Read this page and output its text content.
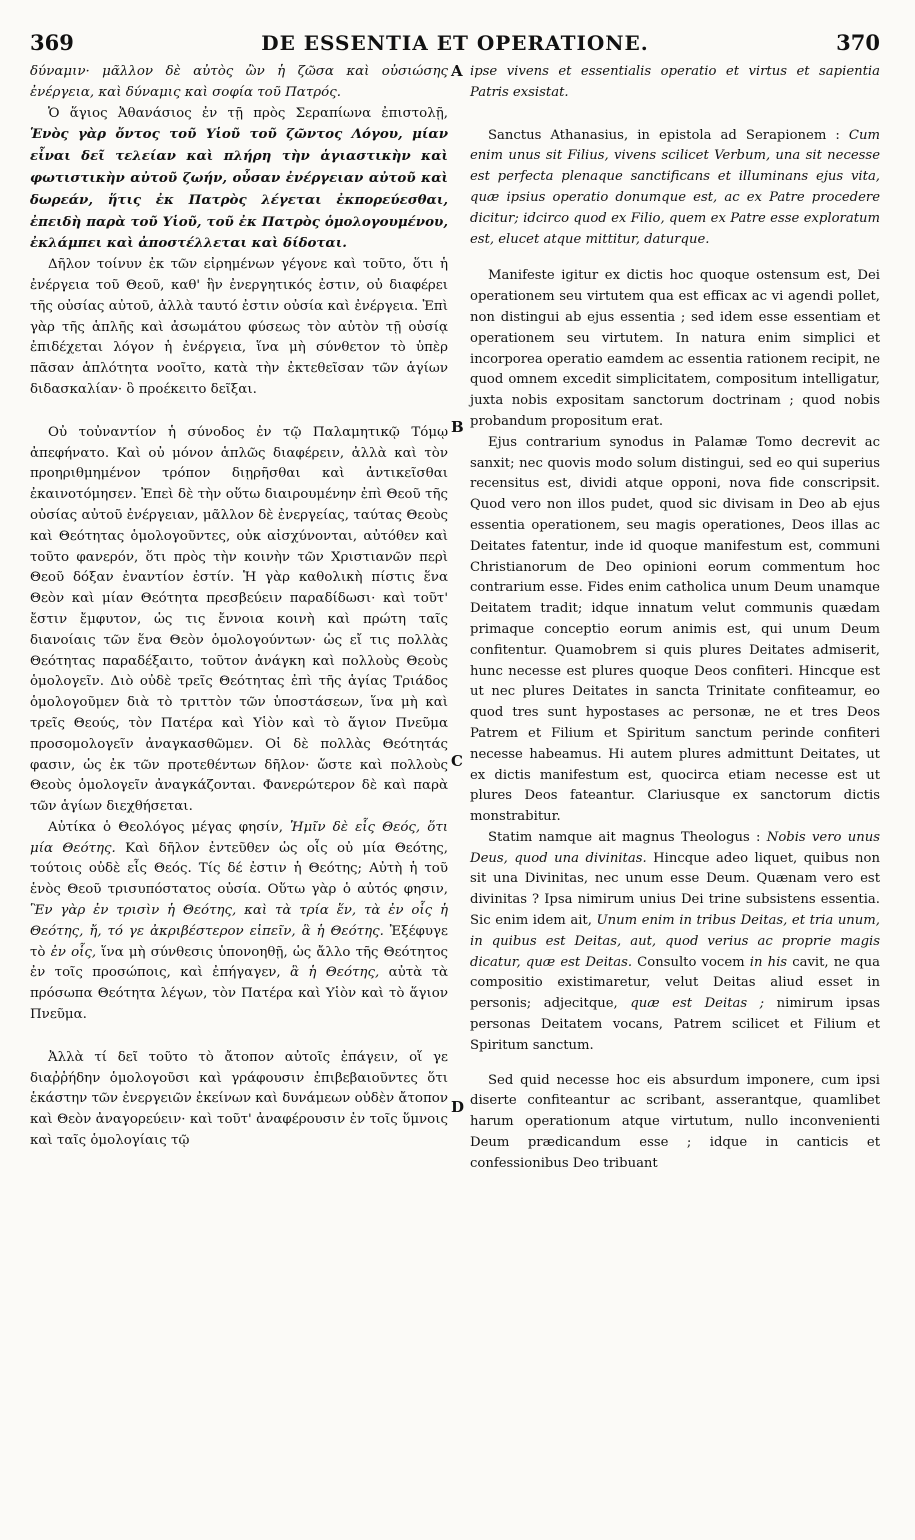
369	DE ESSENTIA ET OPERATIONE.	370
A
B
C
D

δύναμιν· μᾶλλον δὲ αὐτὸς ὢν ἡ ζῶσα καὶ οὐσιώσης ἐνέργεια, καὶ δύναμις καὶ σοφία τοῦ Πατρός.

Ὁ ἅγιος Ἀθανάσιος ἐν τῇ πρὸς Σεραπίωνα ἐπιστολῇ, Ἑνὸς γὰρ ὄντος τοῦ Υἱοῦ τοῦ ζῶντος Λόγου, μίαν εἶναι δεῖ τελείαν καὶ πλήρη τὴν ἁγιαστικὴν καὶ φωτιστικὴν αὐτοῦ ζωήν, οὖσαν ἐνέργειαν αὐτοῦ καὶ δωρεάν, ἥτις ἐκ Πατρὸς λέγεται ἐκπορεύεσθαι, ἐπειδὴ παρὰ τοῦ Υἱοῦ, τοῦ ἐκ Πατρὸς ὁμολογουμένου, ἐκλάμπει καὶ ἀποστέλλεται καὶ δίδοται.

Δῆλον τοίνυν ἐκ τῶν εἰρημένων γέγονε καὶ τοῦτο, ὅτι ἡ ἐνέργεια τοῦ Θεοῦ, καθ' ἣν ἐνεργητικός ἐστιν, οὐ διαφέρει τῆς οὐσίας αὐτοῦ, ἀλλὰ ταυτό ἐστιν οὐσία καὶ ἐνέργεια. Ἐπὶ γὰρ τῆς ἁπλῆς καὶ ἀσωμάτου φύσεως τὸν αὐτὸν τῇ οὐσίᾳ ἐπιδέχεται λόγον ἡ ἐνέργεια, ἵνα μὴ σύνθετον τὸ ὑπὲρ πᾶσαν ἁπλότητα νοοῖτο, κατὰ τὴν ἐκτεθεῖσαν τῶν ἁγίων διδασκαλίαν· ὃ προέκειτο δεῖξαι.

Οὐ τοὐναντίον ἡ σύνοδος ἐν τῷ Παλαμητικῷ Τόμῳ ἀπεφήνατο. Καὶ οὐ μόνον ἁπλῶς διαφέρειν, ἀλλὰ καὶ τὸν προηριθμημένον τρόπον διῃρῆσθαι καὶ ἀντικεῖσθαι ἐκαινοτόμησεν. Ἐπεὶ δὲ τὴν οὕτω διαιρουμένην ἐπὶ Θεοῦ τῆς οὐσίας αὐτοῦ ἐνέργειαν, μᾶλλον δὲ ἐνεργείας, ταύτας Θεοὺς καὶ Θεότητας ὁμολογοῦντες, οὐκ αἰσχύνονται, αὐτόθεν καὶ τοῦτο φανερόν, ὅτι πρὸς τὴν κοινὴν τῶν Χριστιανῶν περὶ Θεοῦ δόξαν ἐναντίον ἐστίν. Ἡ γὰρ καθολικὴ πίστις ἕνα Θεὸν καὶ μίαν Θεότητα πρεσβεύειν παραδίδωσι· καὶ τοῦτ' ἔστιν ἔμφυτον, ὡς τις ἔννοια κοινὴ καὶ πρώτη ταῖς διανοίαις τῶν ἕνα Θεὸν ὁμολογούντων· ὡς εἴ τις πολλὰς Θεότητας παραδέξαιτο, τοῦτον ἀνάγκη καὶ πολλοὺς Θεοὺς ὁμολογεῖν. Διὸ οὐδὲ τρεῖς Θεότητας ἐπὶ τῆς ἁγίας Τριάδος ὁμολογοῦμεν διὰ τὸ τριττὸν τῶν ὑποστάσεων, ἵνα μὴ καὶ τρεῖς Θεούς, τὸν Πατέρα καὶ Υἱὸν καὶ τὸ ἅγιον Πνεῦμα προσομολογεῖν ἀναγκασθῶμεν. Οἱ δὲ πολλὰς Θεότητάς φασιν, ὡς ἐκ τῶν προτεθέντων δῆλον· ὥστε καὶ πολλοὺς Θεοὺς ὁμολογεῖν ἀναγκάζονται. Φανερώτερον δὲ καὶ παρὰ τῶν ἁγίων διεχθήσεται.

Αὐτίκα ὁ Θεολόγος μέγας φησίν, Ἡμῖν δὲ εἷς Θεός, ὅτι μία Θεότης. Καὶ δῆλον ἐντεῦθεν ὡς οἷς οὐ μία Θεότης, τούτοις οὐδὲ εἷς Θεός. Τίς δέ ἐστιν ἡ Θεότης; Αὐτὴ ἡ τοῦ ἑνὸς Θεοῦ τρισυπόστατος οὐσία. Οὕτω γὰρ ὁ αὐτός φησιν, Ἓν γὰρ ἐν τρισὶν ἡ Θεότης, καὶ τὰ τρία ἕν, τὰ ἐν οἷς ἡ Θεότης, ἤ, τό γε ἀκριβέστερον εἰπεῖν, ἃ ἡ Θεότης. Ἐξέφυγε τὸ ἐν οἷς, ἵνα μὴ σύνθεσις ὑπονοηθῇ, ὡς ἄλλο τῆς Θεότητος ἐν τοῖς προσώποις, καὶ ἐπήγαγεν, ἃ ἡ Θεότης, αὐτὰ τὰ πρόσωπα Θεότητα λέγων, τὸν Πατέρα καὶ Υἱὸν καὶ τὸ ἅγιον Πνεῦμα.

Ἀλλὰ τί δεῖ τοῦτο τὸ ἄτοπον αὐτοῖς ἐπάγειν, οἵ γε διαῤῥήδην ὁμολογοῦσι καὶ γράφουσιν ἐπιβεβαιοῦντες ὅτι ἑκάστην τῶν ἐνεργειῶν ἐκείνων καὶ δυνάμεων οὐδὲν ἄτοπον καὶ Θεὸν ἀναγορεύειν· καὶ τοῦτ' ἀναφέρουσιν ἐν τοῖς ὕμνοις καὶ ταῖς ὁμολογίαις τῷ

ipse vivens et essentialis operatio et virtus et sapientia Patris exsistat.

Sanctus Athanasius, in epistola ad Serapionem : Cum enim unus sit Filius, vivens scilicet Verbum, una sit necesse est perfecta plenaque sanctificans et illuminans ejus vita, quæ ipsius operatio donumque est, ac ex Patre procedere dicitur; idcirco quod ex Filio, quem ex Patre esse exploratum est, elucet atque mittitur, daturque.

Manifeste igitur ex dictis hoc quoque ostensum est, Dei operationem seu virtutem qua est efficax ac vi agendi pollet, non distingui ab ejus essentia ; sed idem esse essentiam et operationem seu virtutem. In natura enim simplici et incorporea operatio eamdem ac essentia rationem recipit, ne quod omnem excedit simplicitatem, compositum intelligatur, juxta nobis expositam sanctorum doctrinam ; quod nobis probandum propositum erat.

Ejus contrarium synodus in Palamæ Tomo decrevit ac sanxit; nec quovis modo solum distingui, sed eo qui superius recensitus est, dividi atque opponi, nova fide conscripsit. Quod vero non illos pudet, quod sic divisam in Deo ab ejus essentia operationem, seu magis operationes, Deos illas ac Deitates fatentur, inde id quoque manifestum est, communi Christianorum de Deo opinioni eorum commentum hoc contrarium esse. Fides enim catholica unum Deum unamque Deitatem tradit; idque innatum velut communis quædam primaque conceptio eorum animis est, qui unum Deum confitentur. Quamobrem si quis plures Deitates admiserit, hunc necesse est plures quoque Deos confiteri. Hincque est ut nec plures Deitates in sancta Trinitate confiteamur, eo quod tres sunt hypostases ac personæ, ne et tres Deos Patrem et Filium et Spiritum sanctum perinde confiteri necesse habeamus. Hi autem plures admittunt Deitates, ut ex dictis manifestum est, quocirca etiam necesse est ut plures Deos fateantur. Clariusque ex sanctorum dictis monstrabitur.

Statim namque ait magnus Theologus : Nobis vero unus Deus, quod una divinitas. Hincque adeo liquet, quibus non sit una Divinitas, nec unum esse Deum. Quænam vero est divinitas ? Ipsa nimirum unius Dei trine subsistens essentia. Sic enim idem ait, Unum enim in tribus Deitas, et tria unum, in quibus est Deitas, aut, quod verius ac proprie magis dicatur, quæ est Deitas. Consulto vocem in his cavit, ne qua compositio existimaretur, velut Deitas aliud esset in personis; adjecitque, quæ est Deitas ; nimirum ipsas personas Deitatem vocans, Patrem scilicet et Filium et Spiritum sanctum.

Sed quid necesse hoc eis absurdum imponere, cum ipsi diserte confiteantur ac scribant, asserantque, quamlibet harum operationum atque virtutum, nullo inconvenienti Deum prædicandum esse ; idque in canticis et confessionibus Deo tribuant
